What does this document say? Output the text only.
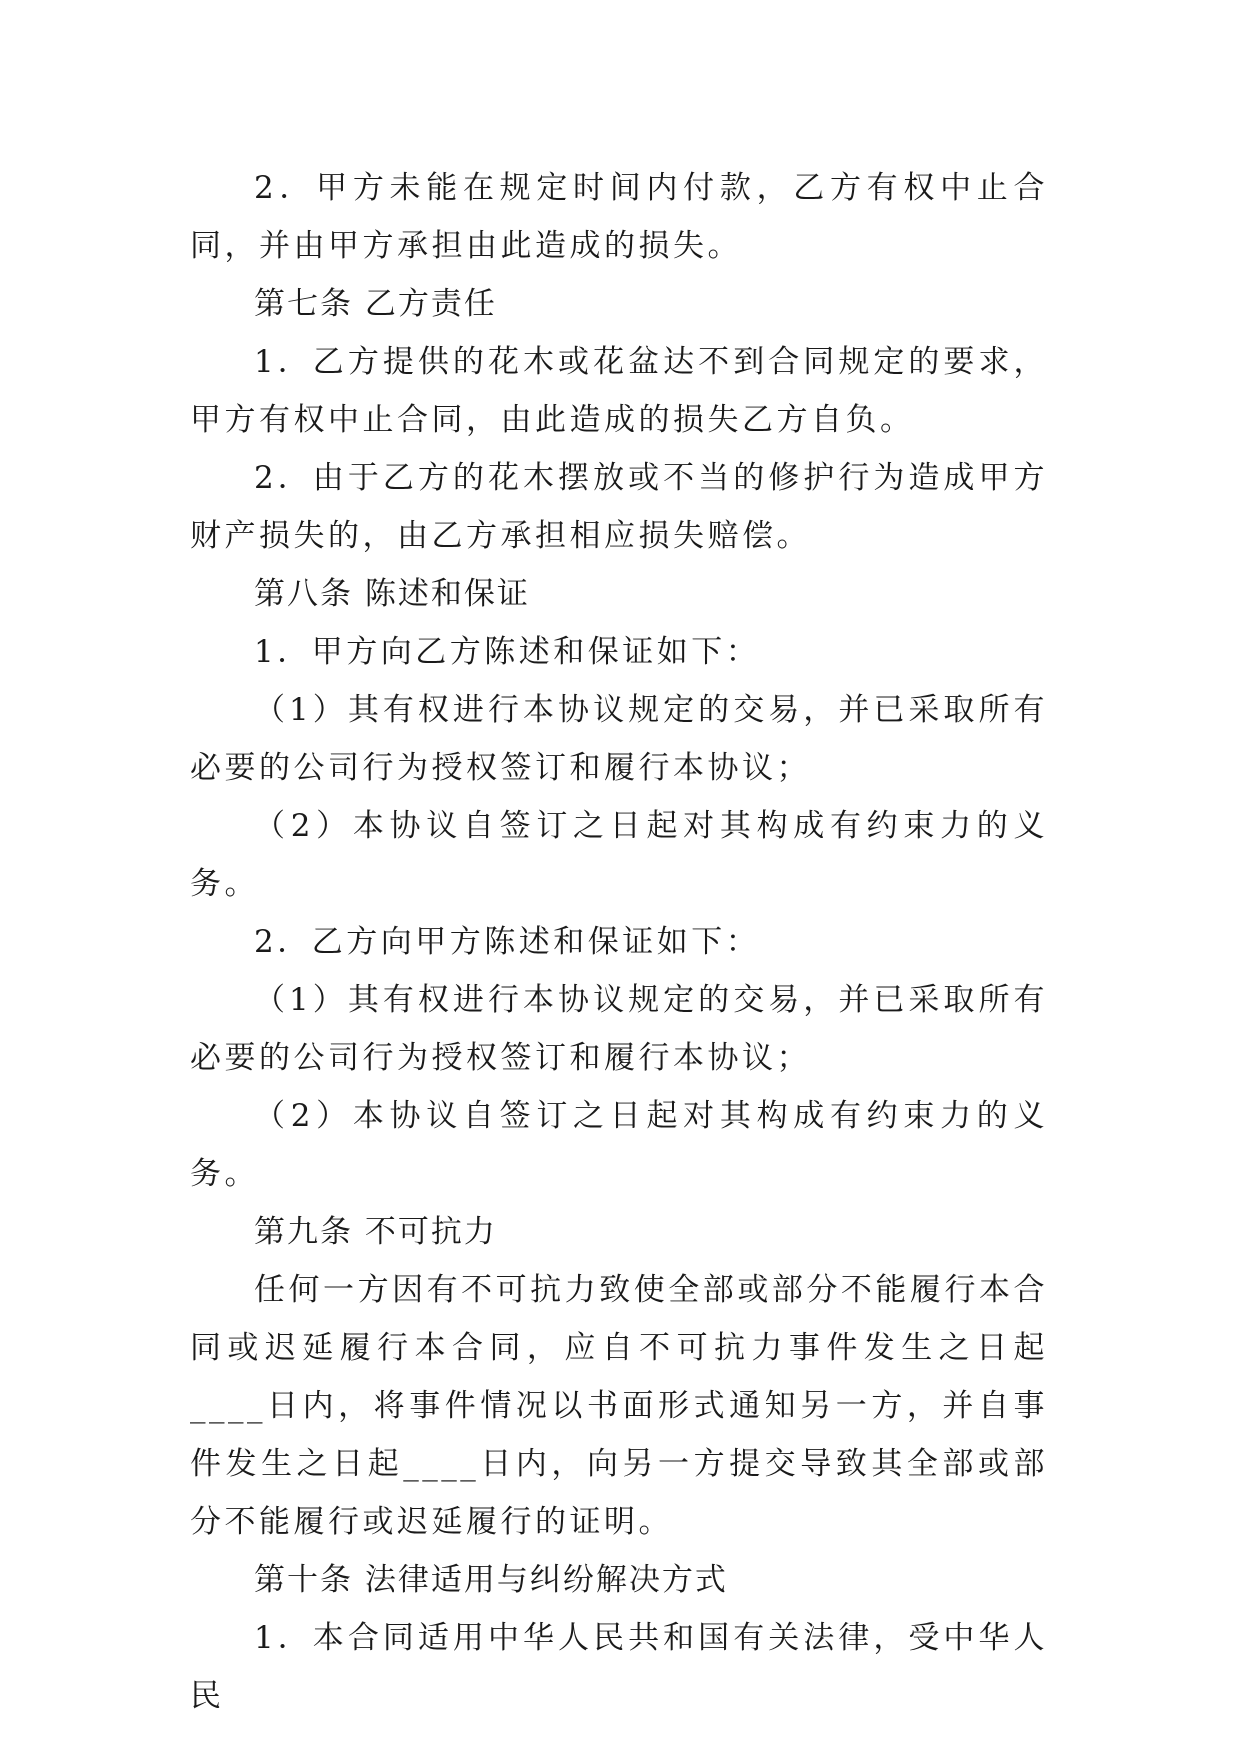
2．甲方未能在规定时间内付款，乙方有权中止合同，并由甲方承担由此造成的损失。

第七条 乙方责任

1．乙方提供的花木或花盆达不到合同规定的要求，甲方有权中止合同，由此造成的损失乙方自负。

2．由于乙方的花木摆放或不当的修护行为造成甲方财产损失的，由乙方承担相应损失赔偿。

第八条 陈述和保证

1．甲方向乙方陈述和保证如下：

（1）其有权进行本协议规定的交易，并已采取所有必要的公司行为授权签订和履行本协议；

（2）本协议自签订之日起对其构成有约束力的义务。

2．乙方向甲方陈述和保证如下：

（1）其有权进行本协议规定的交易，并已采取所有必要的公司行为授权签订和履行本协议；

（2）本协议自签订之日起对其构成有约束力的义务。

第九条 不可抗力

任何一方因有不可抗力致使全部或部分不能履行本合同或迟延履行本合同，应自不可抗力事件发生之日起____日内，将事件情况以书面形式通知另一方，并自事件发生之日起____日内，向另一方提交导致其全部或部分不能履行或迟延履行的证明。

第十条 法律适用与纠纷解决方式

1．本合同适用中华人民共和国有关法律，受中华人民
